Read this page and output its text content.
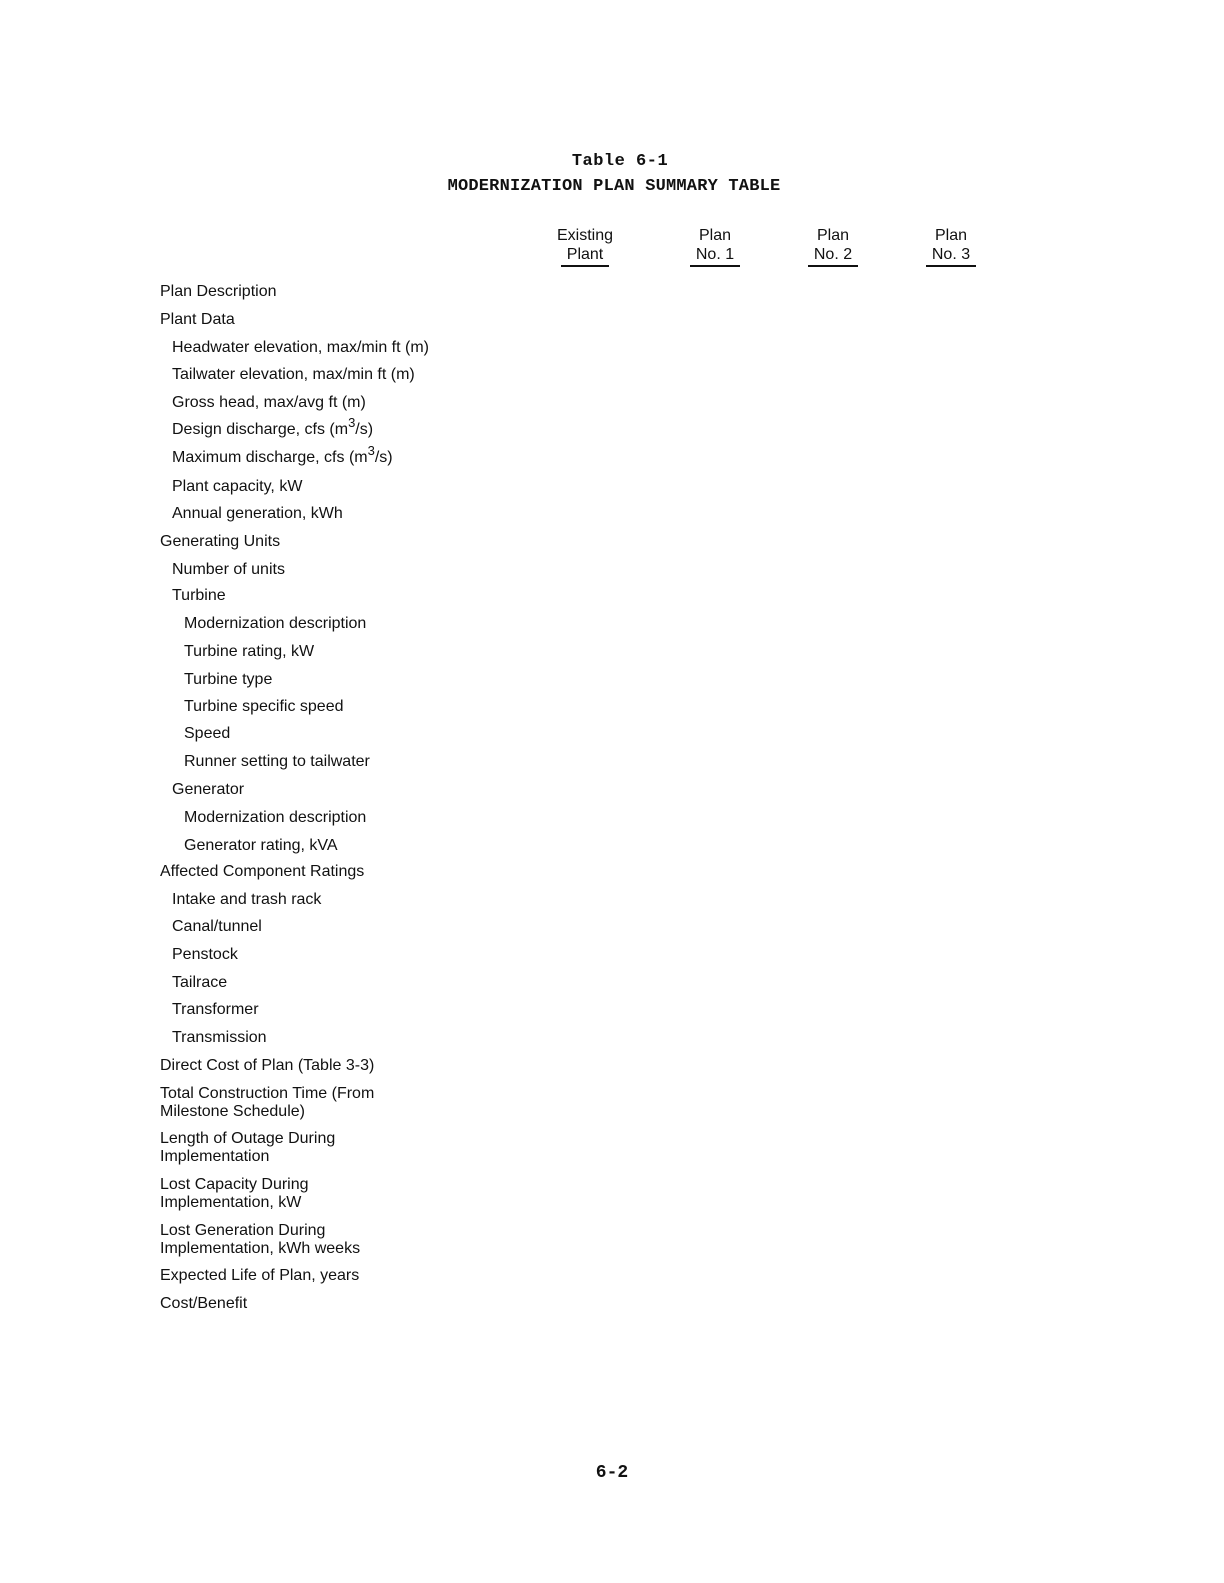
Table 6-1
MODERNIZATION PLAN SUMMARY TABLE
Existing
Plant
Plan
No. 1
Plan
No. 2
Plan
No. 3
Plan Description
Plant Data
Headwater elevation, max/min ft (m)
Tailwater elevation, max/min ft (m)
Gross head, max/avg ft (m)
Design discharge, cfs $(m^3/s)$
Maximum discharge, cfs $(m^3/s)$
Plant capacity, kW
Annual generation, kWh
Generating Units
Number of units
Turbine
Modernization description
Turbine rating, kW
Turbine type
Turbine specific speed
Speed
Runner setting to tailwater
Generator
Modernization description
Generator rating, kVA
Affected Component Ratings
Intake and trash rack
Canal/tunnel
Penstock
Tailrace
Transformer
Transmission
Direct Cost of Plan (Table 3-3)
Total Construction Time (From
Milestone Schedule)
Length of Outage During
Implementation
Lost Capacity During
Implementation, kW
Lost Generation During
Implementation, kWh weeks
Expected Life of Plan, years
Cost/Benefit
6-2
